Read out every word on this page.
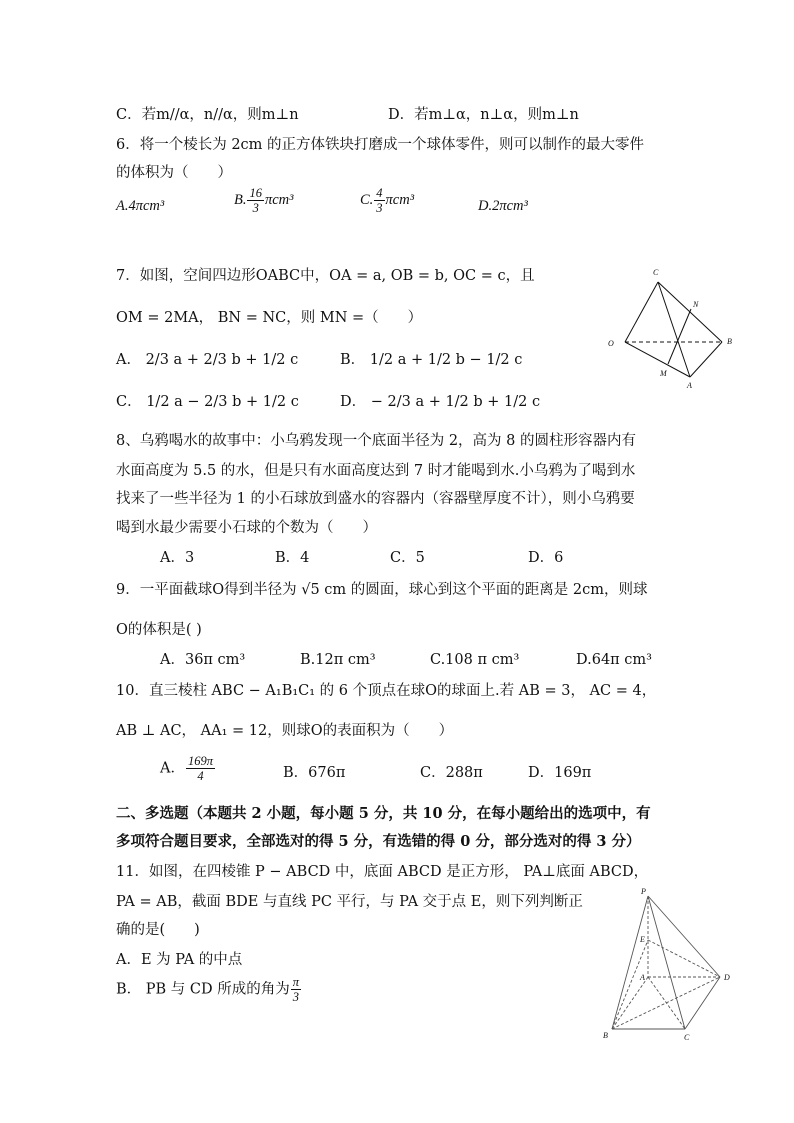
C．若m//α，n//α，则m⊥n	D．若m⊥α，n⊥α，则m⊥n
6．将一个棱长为 2cm 的正方体铁块打磨成一个球体零件，则可以制作的最大零件
的体积为（　　）
A.4πcm³	B. $\frac{16}{3} \pi cm^3$	C. $\frac{4}{3} \pi cm^3$	D.2πcm³
7．如图，空间四边形OABC中，OA = a, OB = b, OC = c，且
OM = 2MA， BN = NC，则 MN =（　　）
A． 2/3 a + 2/3 b + 1/2 c	B． 1/2 a + 1/2 b − 1/2 c
C． 1/2 a − 2/3 b + 1/2 c	D． − 2/3 a + 1/2 b + 1/2 c
C
N
O	B
M
A
8、乌鸦喝水的故事中：小乌鸦发现一个底面半径为 2，高为 8 的圆柱形容器内有
水面高度为 5.5 的水，但是只有水面高度达到 7 时才能喝到水.小乌鸦为了喝到水
找来了一些半径为 1 的小石球放到盛水的容器内（容器壁厚度不计），则小乌鸦要
喝到水最少需要小石球的个数为（　　）
A．3	B．4	C．5	D．6
9．一平面截球O得到半径为 √5 cm 的圆面，球心到这个平面的距离是 2cm，则球
O的体积是( )
A．36π cm³	B.12π cm³	C.108 π cm³	D.64π cm³
10．直三棱柱 ABC − A₁B₁C₁ 的 6 个顶点在球O的球面上.若 AB = 3， AC = 4，
AB ⊥ AC， AA₁ = 12，则球O的表面积为（　　）
A． $\frac{169\pi}{4}$	B．676π	C．288π	D．169π
二、多选题（本题共 2 小题，每小题 5 分，共 10 分，在每小题给出的选项中，有
多项符合题目要求，全部选对的得 5 分，有选错的得 0 分，部分选对的得 3 分）
11．如图，在四棱锥 P − ABCD 中，底面 ABCD 是正方形， PA⊥底面 ABCD，
PA = AB，截面 BDE 与直线 PC 平行，与 PA 交于点 E，则下列判断正
确的是(　　)
A．E 为 PA 的中点
B． PB 与 CD 所成的角为 $\frac{\pi}{3}$
P
E
A	D
B	C
